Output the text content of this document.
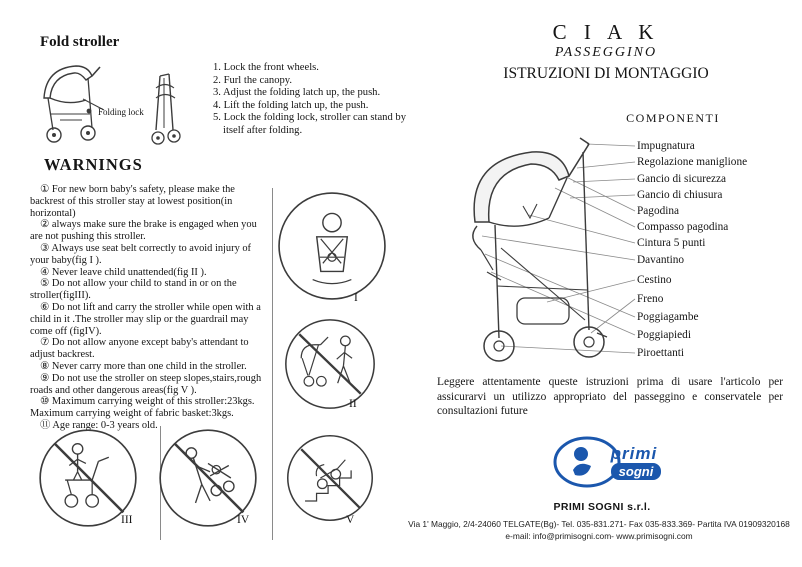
Fold stroller
Folding lock
1. Lock the front wheels.
2. Furl the canopy.
3. Adjust the folding latch up, the push.
4. Lift the folding latch up, the push.
5. Lock the folding lock, stroller can stand by itself after folding.
WARNINGS

① For new born baby's safety, please make the backrest of this stroller stay at lowest position(in horizontal)

② always make sure the brake is engaged when you are not pushing this stroller.

③ Always use seat belt correctly to avoid injury of your baby(fig I ).

④ Never leave child unattended(fig II ).

⑤ Do not allow your child to stand in or on the stroller(figIII).

⑥ Do not lift and carry the stroller while open with a child in it .The stroller may slip or the guardrail may come off (figIV).

⑦ Do not allow anyone except baby's attendant to adjust backrest.

⑧ Never carry more than one child in the stroller.

⑨ Do not use the stroller on steep slopes,stairs,rough roads and other dangerous areas(fig V ).

⑩ Maximum carrying weight of this stroller:23kgs. Maximum carrying weight of fabric basket:3kgs.

⑪ Age range: 0-3 years old.

I
II
III	IV	V
C I A K
PASSEGGINO
ISTRUZIONI DI MONTAGGIO
COMPONENTI
Impugnatura
Regolazione maniglione
Gancio di sicurezza
Gancio di chiusura
Pagodina
Compasso pagodina
Cintura 5 punti
Davantino
Cestino
Freno
Poggiagambe
Poggiapiedi
Piroettanti
Leggere attentamente queste istruzioni prima di usare l'articolo per assicurarvi un utilizzo appropriato del passeggino e conservatele per consultazioni future
primi
sogni
PRIMI SOGNI s.r.l.
Via 1' Maggio, 2/4-24060 TELGATE(Bg)- Tel. 035-831.271- Fax 035-833.369- Partita IVA 01909320168
e-mail: info@primisogni.com- www.primisogni.com
